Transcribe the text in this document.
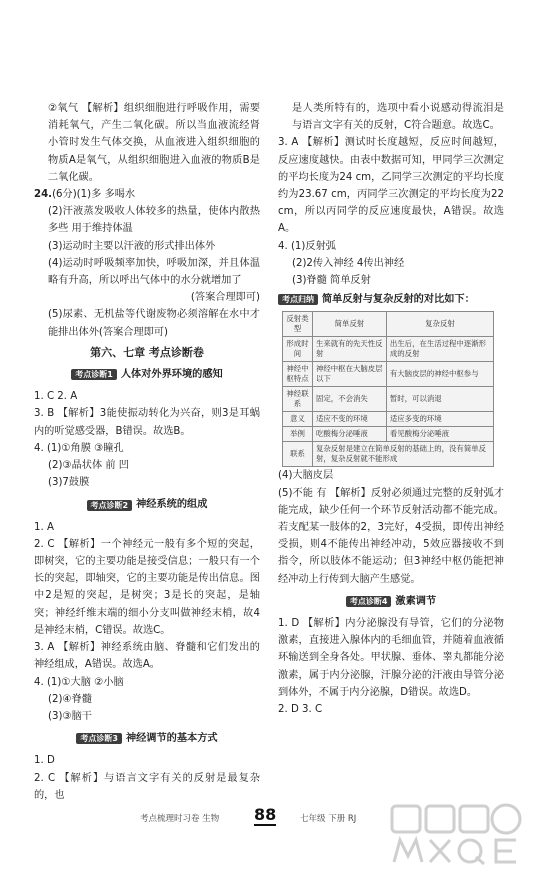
②氧气 【解析】组织细胞进行呼吸作用，需要消耗氧气，产生二氧化碳。所以当血液流经肾小管时发生气体交换，从血液进入组织细胞的物质A是氧气，从组织细胞进入血液的物质B是二氧化碳。
24.(6分)(1)多 多喝水
(2)汗液蒸发吸收人体较多的热量，使体内散热多些 用于维持体温
(3)运动时主要以汗液的形式排出体外
(4)运动时呼吸频率加快，呼吸加深，并且体温略有升高，所以呼出气体中的水分就增加了
(答案合理即可)
(5)尿素、无机盐等代谢废物必须溶解在水中才能排出体外(答案合理即可)
第六、七章 考点诊断卷
考点诊断1 人体对外界环境的感知
1. C 2. A
3. B 【解析】3能使振动转化为兴奋，则3是耳蜗内的听觉感受器，B错误。故选B。
4. (1)①角膜 ③瞳孔
(2)③晶状体 前 凹
(3)7鼓膜
考点诊断2 神经系统的组成
1. A
2. C 【解析】一个神经元一般有多个短的突起，即树突，它的主要功能是接受信息；一般只有一个长的突起，即轴突，它的主要功能是传出信息。图中2是短的突起，是树突；3是长的突起，是轴突；神经纤维末端的细小分支叫做神经末梢，故4是神经末梢，C错误。故选C。
3. A 【解析】神经系统由脑、脊髓和它们发出的神经组成，A错误。故选A。
4. (1)①大脑 ②小脑
(2)④脊髓
(3)③脑干
考点诊断3 神经调节的基本方式
1. D
2. C 【解析】与语言文字有关的反射是最复杂的，也
是人类所特有的，选项中看小说感动得流泪是与语言文字有关的反射，C符合题意。故选C。
3. A 【解析】测试时长度越短，反应时间越短，反应速度越快。由表中数据可知，甲同学三次测定的平均长度为24 cm，乙同学三次测定的平均长度约为23.67 cm，丙同学三次测定的平均长度为22 cm，所以丙同学的反应速度最快，A错误。故选A。
4. (1)反射弧
(2)2传入神经 4传出神经
(3)脊髓 简单反射
考点归纳 简单反射与复杂反射的对比如下：
反射类型	简单反射	复杂反射
形成时间	生来就有的先天性反射	出生后，在生活过程中逐渐形成的反射
神经中枢特点	神经中枢在大脑皮层以下	有大脑皮层的神经中枢参与
神经联系	固定，不会消失	暂时，可以消退
意义	适应不变的环境	适应多变的环境
举例	吃酸梅分泌唾液	看见酸梅分泌唾液
联系	复杂反射是建立在简单反射的基础上的，没有简单反射，复杂反射就不能形成	
(4)大脑皮层
(5)不能 有 【解析】反射必须通过完整的反射弧才能完成，缺少任何一个环节反射活动都不能完成。若支配某一肢体的2，3完好，4受损，即传出神经受损，则4不能传出神经冲动，5效应器接收不到指令，所以肢体不能运动；但3神经中枢仍能把神经冲动上行传到大脑产生感觉。
考点诊断4 激素调节
1. D 【解析】内分泌腺没有导管，它们的分泌物激素，直接进入腺体内的毛细血管，并随着血液循环输送到全身各处。甲状腺、垂体、睾丸都能分泌激素，属于内分泌腺，汗腺分泌的汗液由导管分泌到体外，不属于内分泌腺，D错误。故选D。
2. D 3. C
考点梳理时习卷 生物 88	七年级 下册 RJ
